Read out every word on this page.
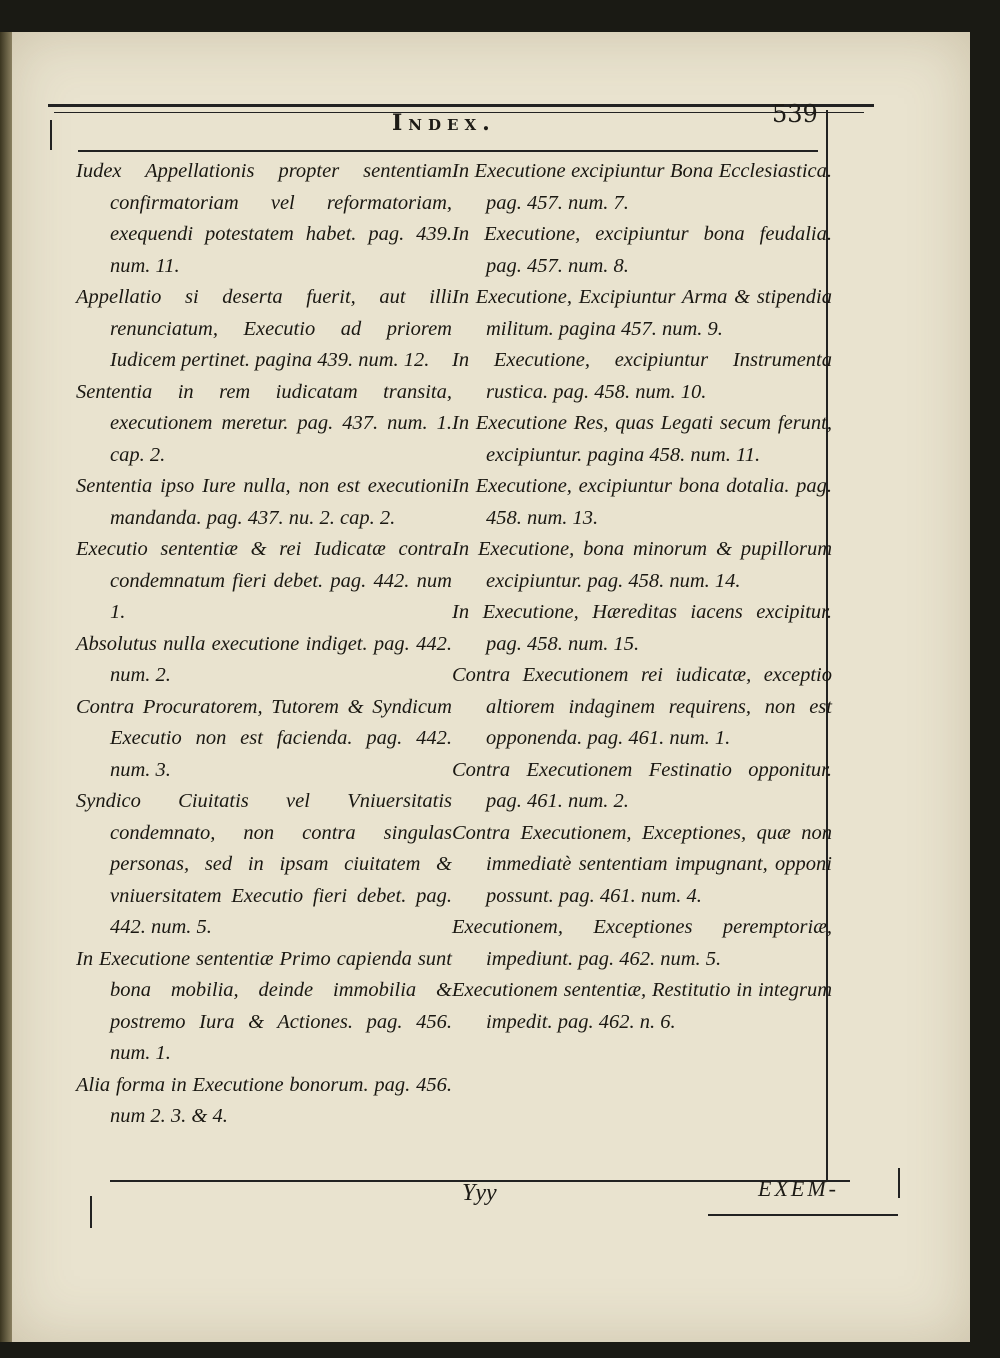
Index.	539

Iudex Appellationis propter sententiam confirmatoriam vel reformatoriam, exequendi potestatem habet. pag. 439. num. 11.

Appellatio si deserta fuerit, aut illi renunciatum, Executio ad priorem Iudicem pertinet. pagina 439. num. 12.

Sententia in rem iudicatam transita, executionem meretur. pag. 437. num. 1. cap. 2.

Sententia ipso Iure nulla, non est executioni mandanda. pag. 437. nu. 2. cap. 2.

Executio sententiæ & rei Iudicatæ contra condemnatum fieri debet. pag. 442. num 1.

Absolutus nulla executione indiget. pag. 442. num. 2.

Contra Procuratorem, Tutorem & Syndicum Executio non est facienda. pag. 442. num. 3.

Syndico Ciuitatis vel Vniuersitatis condemnato, non contra singulas personas, sed in ipsam ciuitatem & vniuersitatem Executio fieri debet. pag. 442. num. 5.

In Executione sententiæ Primo capienda sunt bona mobilia, deinde immobilia & postremo Iura & Actiones. pag. 456. num. 1.

Alia forma in Executione bonorum. pag. 456. num 2. 3. & 4.

In Executione excipiuntur Bona Ecclesiastica. pag. 457. num. 7.

In Executione, excipiuntur bona feudalia. pag. 457. num. 8.

In Executione, Excipiuntur Arma & stipendia militum. pagina 457. num. 9.

In Executione, excipiuntur Instrumenta rustica. pag. 458. num. 10.

In Executione Res, quas Legati secum ferunt, excipiuntur. pagina 458. num. 11.

In Executione, excipiuntur bona dotalia. pag. 458. num. 13.

In Executione, bona minorum & pupillorum excipiuntur. pag. 458. num. 14.

In Executione, Hæreditas iacens excipitur. pag. 458. num. 15.

Contra Executionem rei iudicatæ, exceptio altiorem indaginem requirens, non est opponenda. pag. 461. num. 1.

Contra Executionem Festinatio opponitur. pag. 461. num. 2.

Contra Executionem, Exceptiones, quæ non immediatè sententiam impugnant, opponi possunt. pag. 461. num. 4.

Executionem, Exceptiones peremptoriæ, impediunt. pag. 462. num. 5.

Executionem sententiæ, Restitutio in integrum impedit. pag. 462. n. 6.

Yyy	EXEM-
